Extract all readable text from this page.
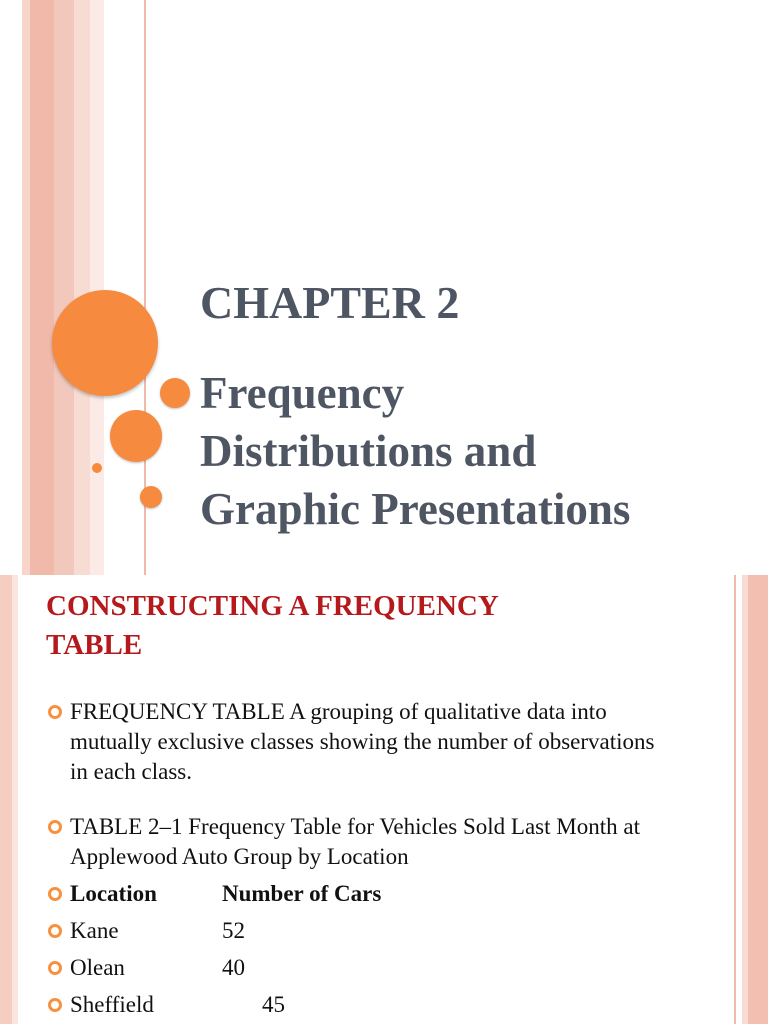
CHAPTER 2
Frequency
Distributions and
Graphic Presentations
CONSTRUCTING A FREQUENCY
TABLE
FREQUENCY TABLE A grouping of qualitative data into
mutually exclusive classes showing the number of observations
in each class.
TABLE 2–1 Frequency Table for Vehicles Sold Last Month at
Applewood Auto Group by Location
Location	Number of Cars
Kane	52
Olean	40
Sheffield	45
